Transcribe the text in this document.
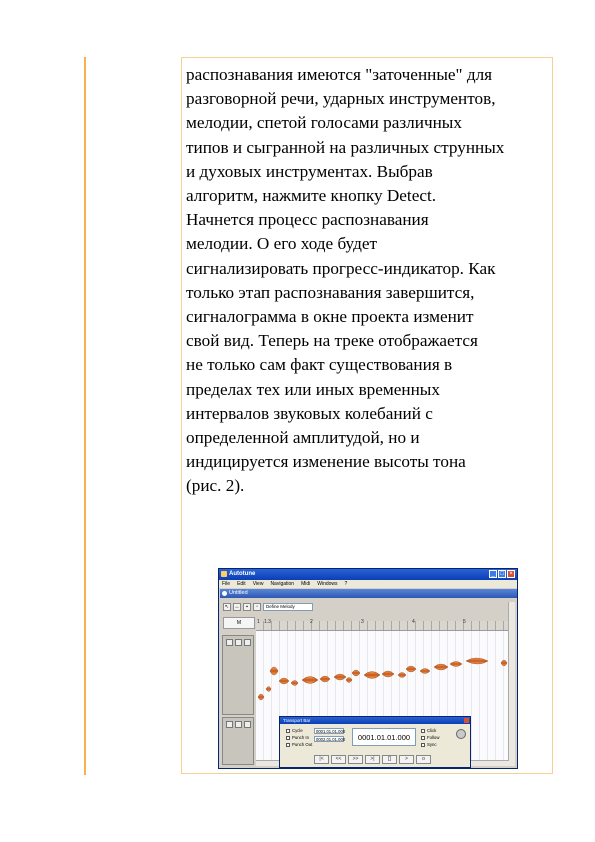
распознавания имеются "заточенные" для
разговорной речи, ударных инструментов,
мелодии, спетой голосами различных
типов и сыгранной на различных струнных
и духовых инструментах. Выбрав
алгоритм, нажмите кнопку Detect.
Начнется процесс распознавания
мелодии. О его ходе будет
сигнализировать прогресс-индикатор. Как
только этап распознавания завершится,
сигналограмма в окне проекта изменит
свой вид. Теперь на треке отображается
не только сам факт существования в
пределах тех или иных временных
интервалов звуковых колебаний с
определенной амплитудой, но и
индицируется изменение высоты тона
(рис. 2).

Autotune	_ □ ×
File Edit View Navigation Midi Windows ?
Untitled
↖	↔	▪	▫	Define Melody
M	1 1.3	2	3	4	5
Transport Bar
Cycle
Punch In
Punch Out
0001.01.01.000
0002.01.01.000	0001.01.01.000
Click
Follow
Sync
|<	<<	>>	>|	[]	>	o
